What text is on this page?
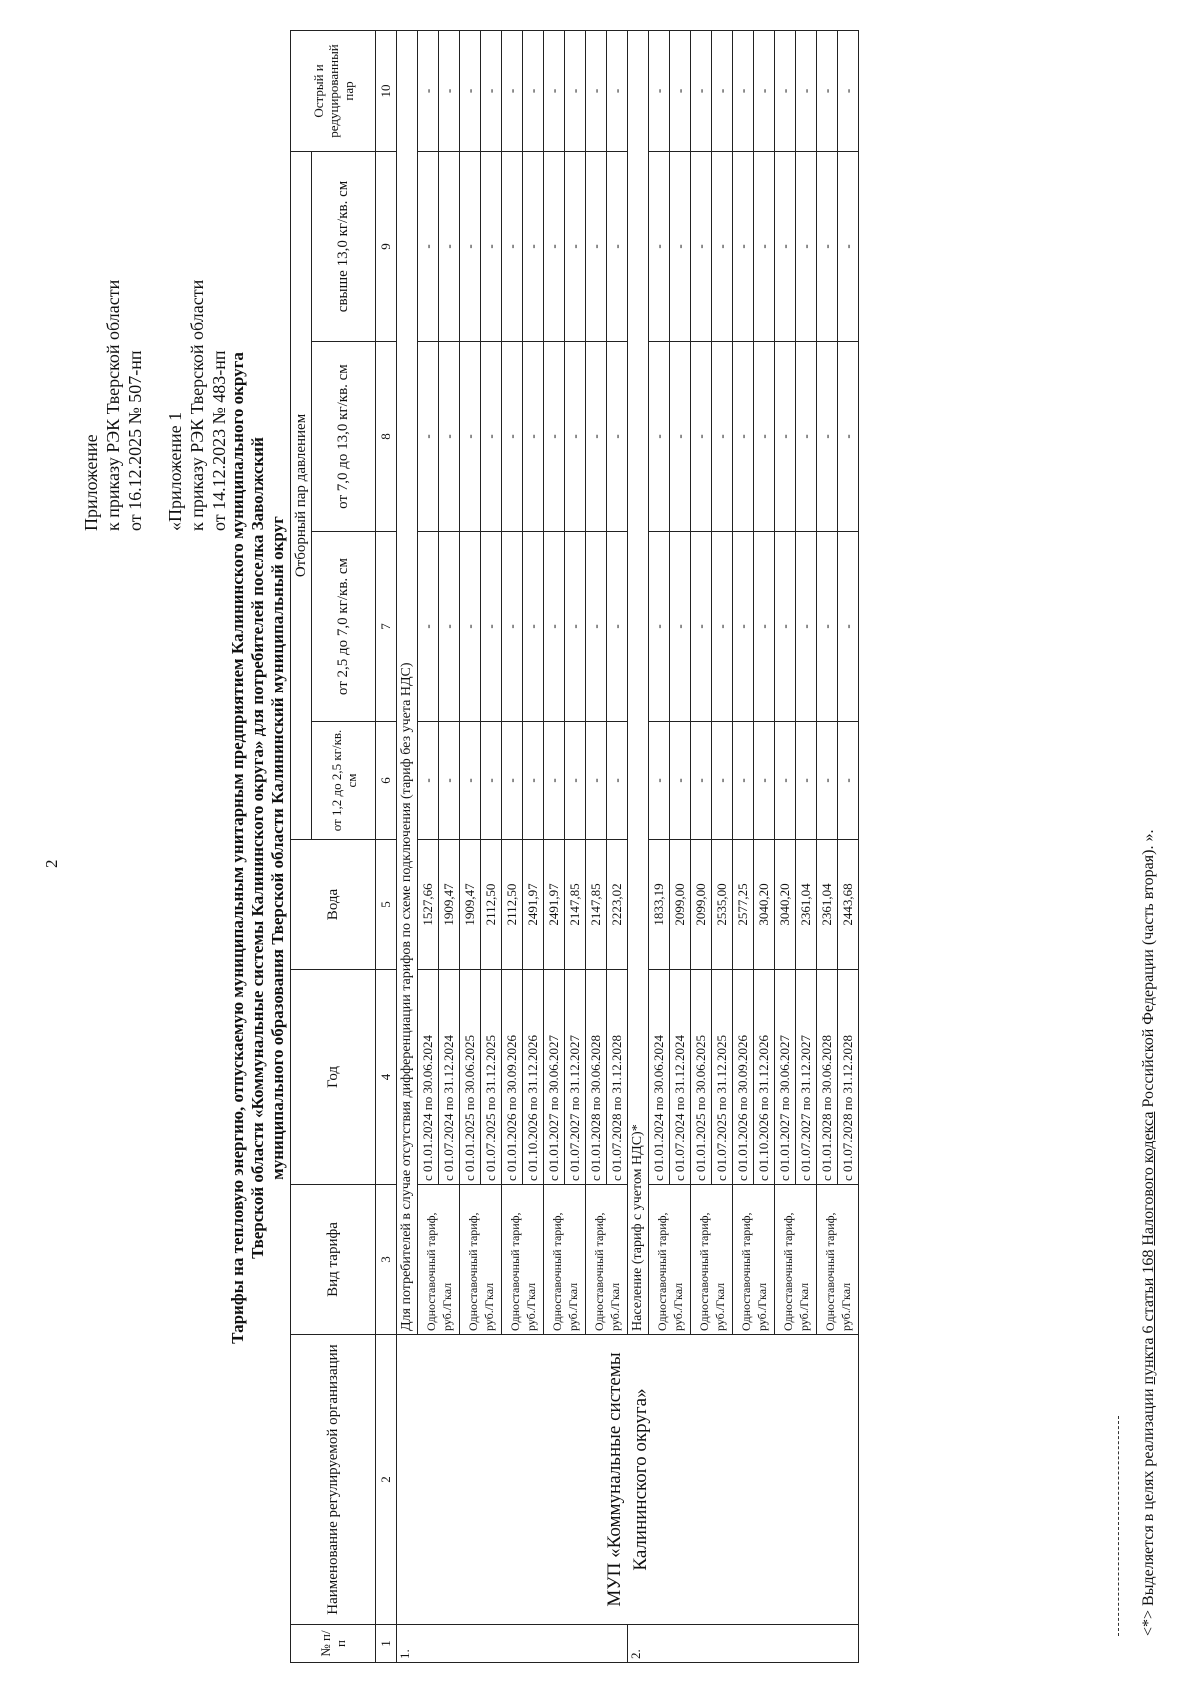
2
Приложение к приказу РЭК Тверской области от 16.12.2025 № 507-нп «Приложение 1 к приказу РЭК Тверской области от 14.12.2023 № 483-нп Тарифы на тепловую энергию, отпускаемую муниципальным унитарным предприятием Калининского муниципального округа Тверской области «Коммунальные системы Калининского округа» для потребителей поселка Заволжский муниципального образования Тверской области Калининский муниципальный округ
№ п/п	Наименование регулируемой организации	Вид тарифа	Год	Вода	Отборный пар давлением				Острый и редуцированный пар
					от 1,2 до 2,5 кг/кв. см	от 2,5 до 7,0 кг/кв. см	от 7,0 до 13,0 кг/кв. см	свыше 13,0 кг/кв. см	
1	2	3	4	5	6	7	8	9	10
1.	МУП «Коммунальные системы Калининского округа»	Для потребителей в случае отсутствия дифференциации тарифов по схеме подключения (тариф без учета НДС)							
		Одноставочный тариф, руб./Гкал	с 01.01.2024 по 30.06.2024	1527,66	-	-	-	-	-
			с 01.07.2024 по 31.12.2024	1909,47	-	-	-	-	-
		Одноставочный тариф, руб./Гкал	с 01.01.2025 по 30.06.2025	1909,47	-	-	-	-	-
			с 01.07.2025 по 31.12.2025	2112,50	-	-	-	-	-
		Одноставочный тариф, руб./Гкал	с 01.01.2026 по 30.09.2026	2112,50	-	-	-	-	-
			с 01.10.2026 по 31.12.2026	2491,97	-	-	-	-	-
		Одноставочный тариф, руб./Гкал	с 01.01.2027 по 30.06.2027	2491,97	-	-	-	-	-
			с 01.07.2027 по 31.12.2027	2147,85	-	-	-	-	-
		Одноставочный тариф, руб./Гкал	с 01.01.2028 по 30.06.2028	2147,85	-	-	-	-	-
			с 01.07.2028 по 31.12.2028	2223,02	-	-	-	-	-
2.		Население (тариф с учетом НДС)*							
		Одноставочный тариф, руб./Гкал	с 01.01.2024 по 30.06.2024	1833,19	-	-	-	-	-
			с 01.07.2024 по 31.12.2024	2099,00	-	-	-	-	-
		Одноставочный тариф, руб./Гкал	с 01.01.2025 по 30.06.2025	2099,00	-	-	-	-	-
			с 01.07.2025 по 31.12.2025	2535,00	-	-	-	-	-
		Одноставочный тариф, руб./Гкал	с 01.01.2026 по 30.09.2026	2577,25	-	-	-	-	-
			с 01.10.2026 по 31.12.2026	3040,20	-	-	-	-	-
		Одноставочный тариф, руб./Гкал	с 01.01.2027 по 30.06.2027	3040,20	-	-	-	-	-
			с 01.07.2027 по 31.12.2027	2361,04	-	-	-	-	-
		Одноставочный тариф, руб./Гкал	с 01.01.2028 по 30.06.2028	2361,04	-	-	-	-	-
			с 01.07.2028 по 31.12.2028	2443,68	-	-	-	-	-
<*> Выделяется в целях реализации пункта 6 статьи 168 Налогового кодекса Российской Федерации (часть вторая). ».
